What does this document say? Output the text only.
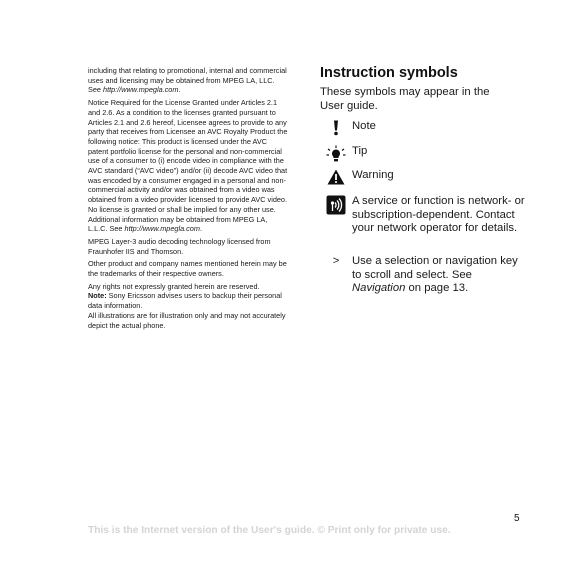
including that relating to promotional, internal and commercial uses and licensing may be obtained from MPEG LA, LLC. See http://www.mpegla.com.

Notice Required for the License Granted under Articles 2.1 and 2.6. As a condition to the licenses granted pursuant to Articles 2.1 and 2.6 hereof, Licensee agrees to provide to any party that receives from Licensee an AVC Royalty Product the following notice: This product is licensed under the AVC patent portfolio license for the personal and non-commercial use of a consumer to (i) encode video in compliance with the AVC standard (“AVC video”) and/or (ii) decode AVC video that was encoded by a consumer engaged in a personal and non-commercial activity and/or was obtained from a video was obtained from a video provider licensed to provide AVC video. No license is granted or shall be implied for any other use. Additional information may be obtained from MPEG LA, L.L.C. See http://www.mpegla.com.

MPEG Layer-3 audio decoding technology licensed from Fraunhofer IIS and Thomson.

Other product and company names mentioned herein may be the trademarks of their respective owners.

Any rights not expressly granted herein are reserved.

Note: Sony Ericsson advises users to backup their personal data information.

All illustrations are for illustration only and may not accurately depict the actual phone.

Instruction symbols
These symbols may appear in the User guide.
Note
Tip
Warning
A service or function is network- or subscription-dependent. Contact your network operator for details.
> Use a selection or navigation key to scroll and select. See Navigation on page 13.
5
This is the Internet version of the User's guide. © Print only for private use.
